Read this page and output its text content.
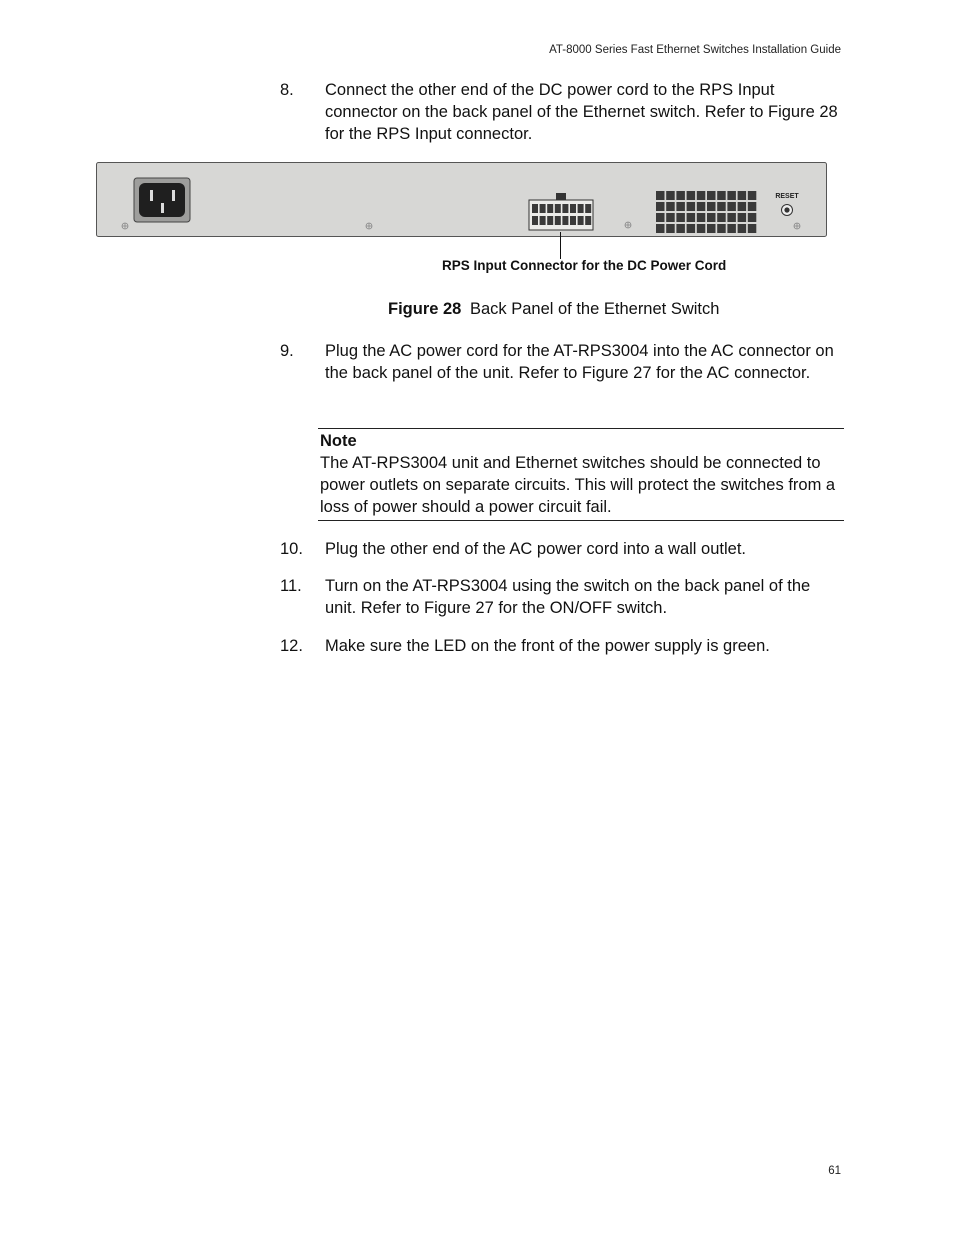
AT-8000 Series Fast Ethernet Switches Installation Guide
8. Connect the other end of the DC power cord to the RPS Input connector on the back panel of the Ethernet switch. Refer to Figure 28 for the RPS Input connector.
RESET
RPS Input Connector for the DC Power Cord
Figure 28 Back Panel of the Ethernet Switch
9. Plug the AC power cord for the AT-RPS3004 into the AC connector on the back panel of the unit. Refer to Figure 27 for the AC connector.
Note
The AT-RPS3004 unit and Ethernet switches should be connected to power outlets on separate circuits. This will protect the switches from a loss of power should a power circuit fail.
10. Plug the other end of the AC power cord into a wall outlet.
11. Turn on the AT-RPS3004 using the switch on the back panel of the unit. Refer to Figure 27 for the ON/OFF switch.
12. Make sure the LED on the front of the power supply is green.
61
